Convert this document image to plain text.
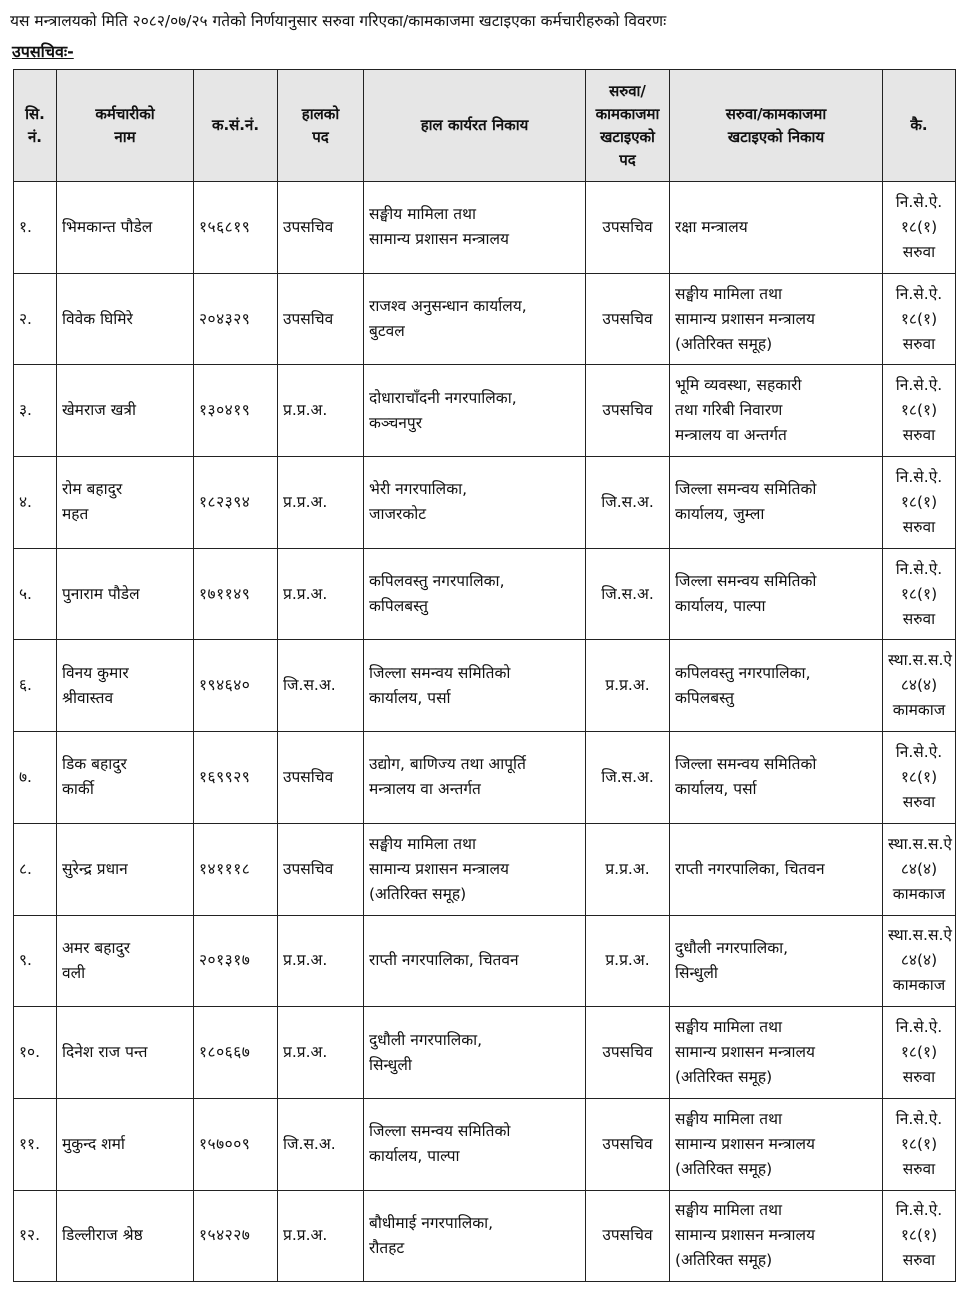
यस मन्त्रालयको मिति २०८२/०७/२५ गतेको निर्णयानुसार सरुवा गरिएका/कामकाजमा खटाइएका कर्मचारीहरुको विवरणः
उपसचिवः-
सि.
नं.	कर्मचारीको
नाम	क.सं.नं.	हालको
पद	हाल कार्यरत निकाय	सरुवा/
कामकाजमा
खटाइएको
पद	सरुवा/कामकाजमा
खटाइएको निकाय	कै.

१.	भिमकान्त पौडेल	१५६८१९	उपसचिव	सङ्घीय मामिला तथा
सामान्य प्रशासन मन्त्रालय	उपसचिव	रक्षा मन्त्रालय	नि.से.ऐ.
१८(१)
सरुवा

२.	विवेक घिमिरे	२०४३२९	उपसचिव	राजश्व अनुसन्धान कार्यालय,
बुटवल	उपसचिव	सङ्घीय मामिला तथा
सामान्य प्रशासन मन्त्रालय
(अतिरिक्त समूह)	नि.से.ऐ.
१८(१)
सरुवा

३.	खेमराज खत्री	१३०४१९	प्र.प्र.अ.	दोधाराचाँदनी नगरपालिका,
कञ्चनपुर	उपसचिव	भूमि व्यवस्था, सहकारी
तथा गरिबी निवारण
मन्त्रालय वा अन्तर्गत	नि.से.ऐ.
१८(१)
सरुवा

४.	रोम बहादुर
महत	१८२३९४	प्र.प्र.अ.	भेरी नगरपालिका,
जाजरकोट	जि.स.अ.	जिल्ला समन्वय समितिको
कार्यालय, जुम्ला	नि.से.ऐ.
१८(१)
सरुवा

५.	पुनाराम पौडेल	१७११४९	प्र.प्र.अ.	कपिलवस्तु नगरपालिका,
कपिलबस्तु	जि.स.अ.	जिल्ला समन्वय समितिको
कार्यालय, पाल्पा	नि.से.ऐ.
१८(१)
सरुवा

६.	विनय कुमार
श्रीवास्तव	१९४६४०	जि.स.अ.	जिल्ला समन्वय समितिको
कार्यालय, पर्सा	प्र.प्र.अ.	कपिलवस्तु नगरपालिका,
कपिलबस्तु	स्था.स.स.ऐ
८४(४)
कामकाज

७.	डिक बहादुर
कार्की	१६९९२९	उपसचिव	उद्योग, बाणिज्य तथा आपूर्ति
मन्त्रालय वा अन्तर्गत	जि.स.अ.	जिल्ला समन्वय समितिको
कार्यालय, पर्सा	नि.से.ऐ.
१८(१)
सरुवा

८.	सुरेन्द्र प्रधान	१४१११८	उपसचिव	सङ्घीय मामिला तथा
सामान्य प्रशासन मन्त्रालय
(अतिरिक्त समूह)	प्र.प्र.अ.	राप्ती नगरपालिका, चितवन	स्था.स.स.ऐ
८४(४)
कामकाज

९.	अमर बहादुर
वली	२०१३१७	प्र.प्र.अ.	राप्ती नगरपालिका, चितवन	प्र.प्र.अ.	दुधौली नगरपालिका,
सिन्धुली	स्था.स.स.ऐ
८४(४)
कामकाज

१०.	दिनेश राज पन्त	१८०६६७	प्र.प्र.अ.	दुधौली नगरपालिका,
सिन्धुली	उपसचिव	सङ्घीय मामिला तथा
सामान्य प्रशासन मन्त्रालय
(अतिरिक्त समूह)	नि.से.ऐ.
१८(१)
सरुवा

११.	मुकुन्द शर्मा	१५७००९	जि.स.अ.	जिल्ला समन्वय समितिको
कार्यालय, पाल्पा	उपसचिव	सङ्घीय मामिला तथा
सामान्य प्रशासन मन्त्रालय
(अतिरिक्त समूह)	नि.से.ऐ.
१८(१)
सरुवा

१२.	डिल्लीराज श्रेष्ठ	१५४२२७	प्र.प्र.अ.	बौधीमाई नगरपालिका,
रौतहट	उपसचिव	सङ्घीय मामिला तथा
सामान्य प्रशासन मन्त्रालय
(अतिरिक्त समूह)	नि.से.ऐ.
१८(१)
सरुवा
